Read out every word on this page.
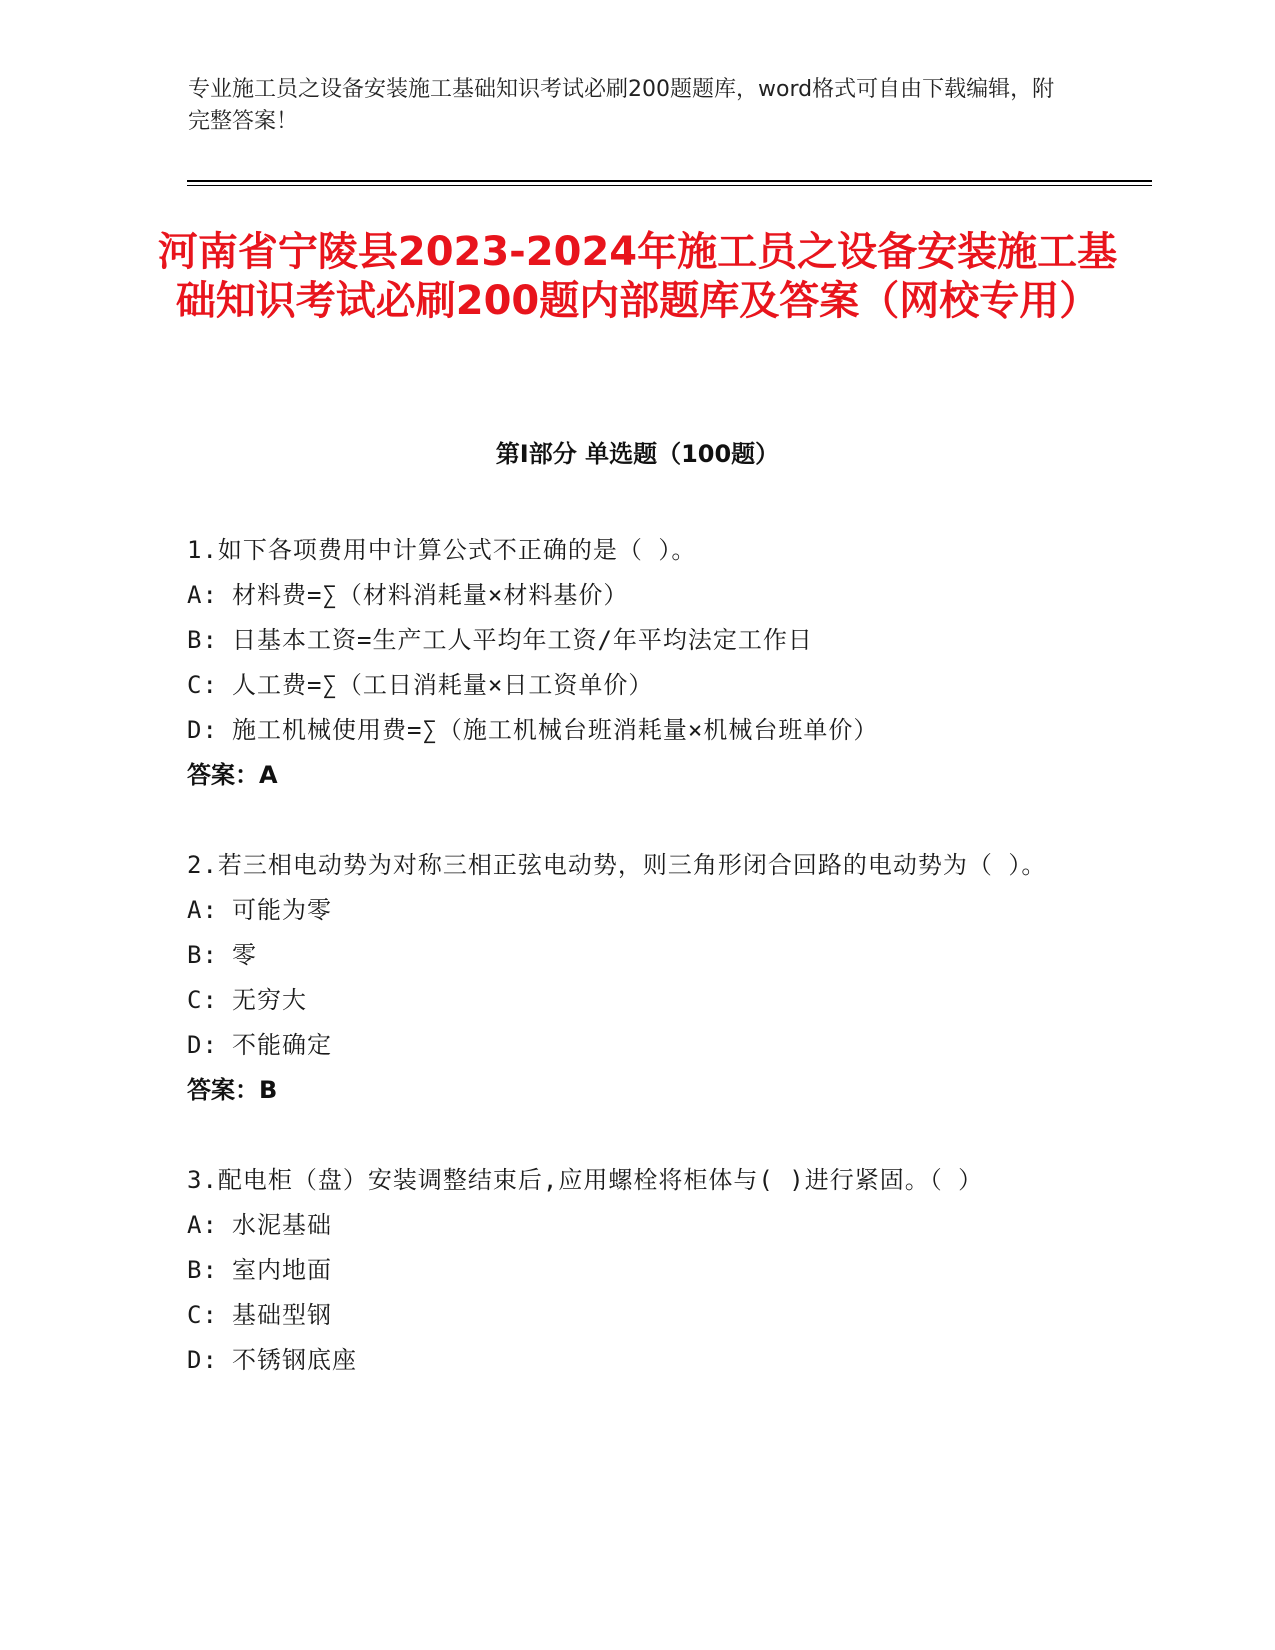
专业施工员之设备安装施工基础知识考试必刷200题题库，word格式可自由下载编辑，附完整答案！
河南省宁陵县2023-2024年施工员之设备安装施工基础知识考试必刷200题内部题库及答案（网校专用）
第I部分 单选题（100题）
1.如下各项费用中计算公式不正确的是（ ）。
A: 材料费=∑（材料消耗量×材料基价）
B: 日基本工资=生产工人平均年工资/年平均法定工作日
C: 人工费=∑（工日消耗量×日工资单价）
D: 施工机械使用费=∑（施工机械台班消耗量×机械台班单价）
答案：A
2.若三相电动势为对称三相正弦电动势，则三角形闭合回路的电动势为（ ）。
A: 可能为零
B: 零
C: 无穷大
D: 不能确定
答案：B
3.配电柜（盘）安装调整结束后,应用螺栓将柜体与( )进行紧固。（ ）
A: 水泥基础
B: 室内地面
C: 基础型钢
D: 不锈钢底座
